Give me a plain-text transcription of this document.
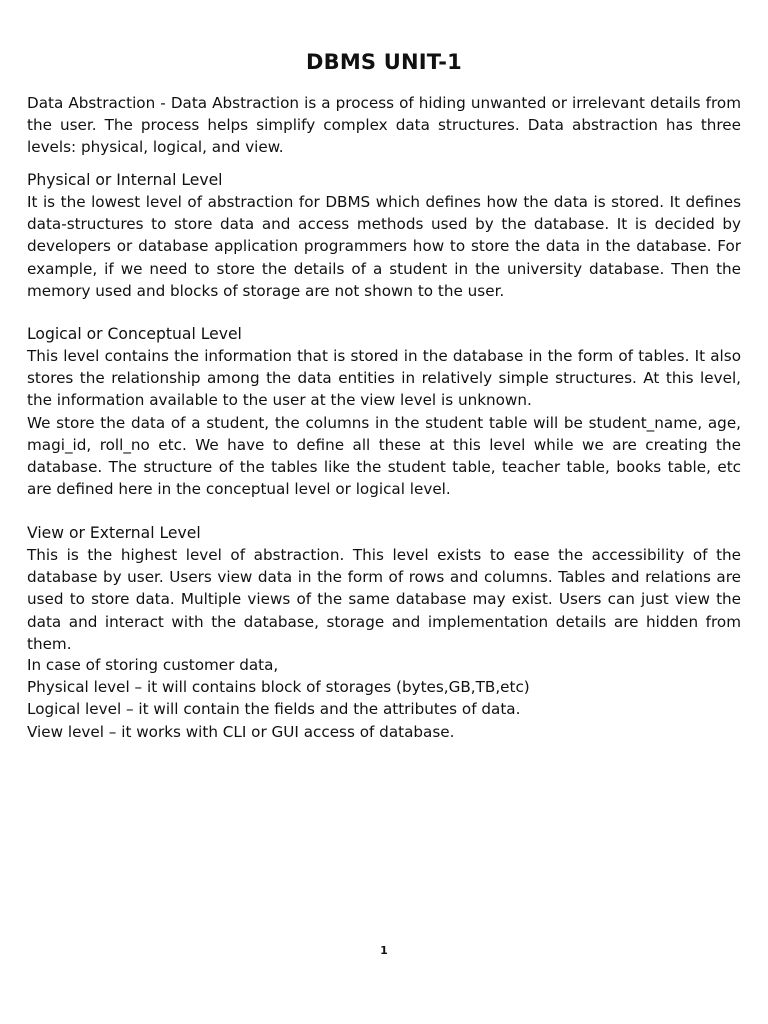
DBMS UNIT-1

Data Abstraction - Data Abstraction is a process of hiding unwanted or irrelevant details from the user. The process helps simplify complex data structures. Data abstraction has three levels: physical, logical, and view.

Physical or Internal Level

It is the lowest level of abstraction for DBMS which defines how the data is stored. It defines data-structures to store data and access methods used by the database. It is decided by developers or database application programmers how to store the data in the database. For example, if we need to store the details of a student in the university database. Then the memory used and blocks of storage are not shown to the user.

Logical or Conceptual Level
This level contains the information that is stored in the database in the form of tables. It also stores the relationship among the data entities in relatively simple structures. At this level, the information available to the user at the view level is unknown.
We store the data of a student, the columns in the student table will be student_name, age, magi_id, roll_no etc. We have to define all these at this level while we are creating the database. The structure of the tables like the student table, teacher table, books table, etc are defined here in the conceptual level or logical level.
View or External Level

This is the highest level of abstraction. This level exists to ease the accessibility of the database by user. Users view data in the form of rows and columns. Tables and relations are used to store data. Multiple views of the same database may exist. Users can just view the data and interact with the database, storage and implementation details are hidden from them.

In case of storing customer data,
Physical level – it will contains block of storages (bytes,GB,TB,etc)
Logical level – it will contain the fields and the attributes of data.
View level – it works with CLI or GUI access of database.
1
